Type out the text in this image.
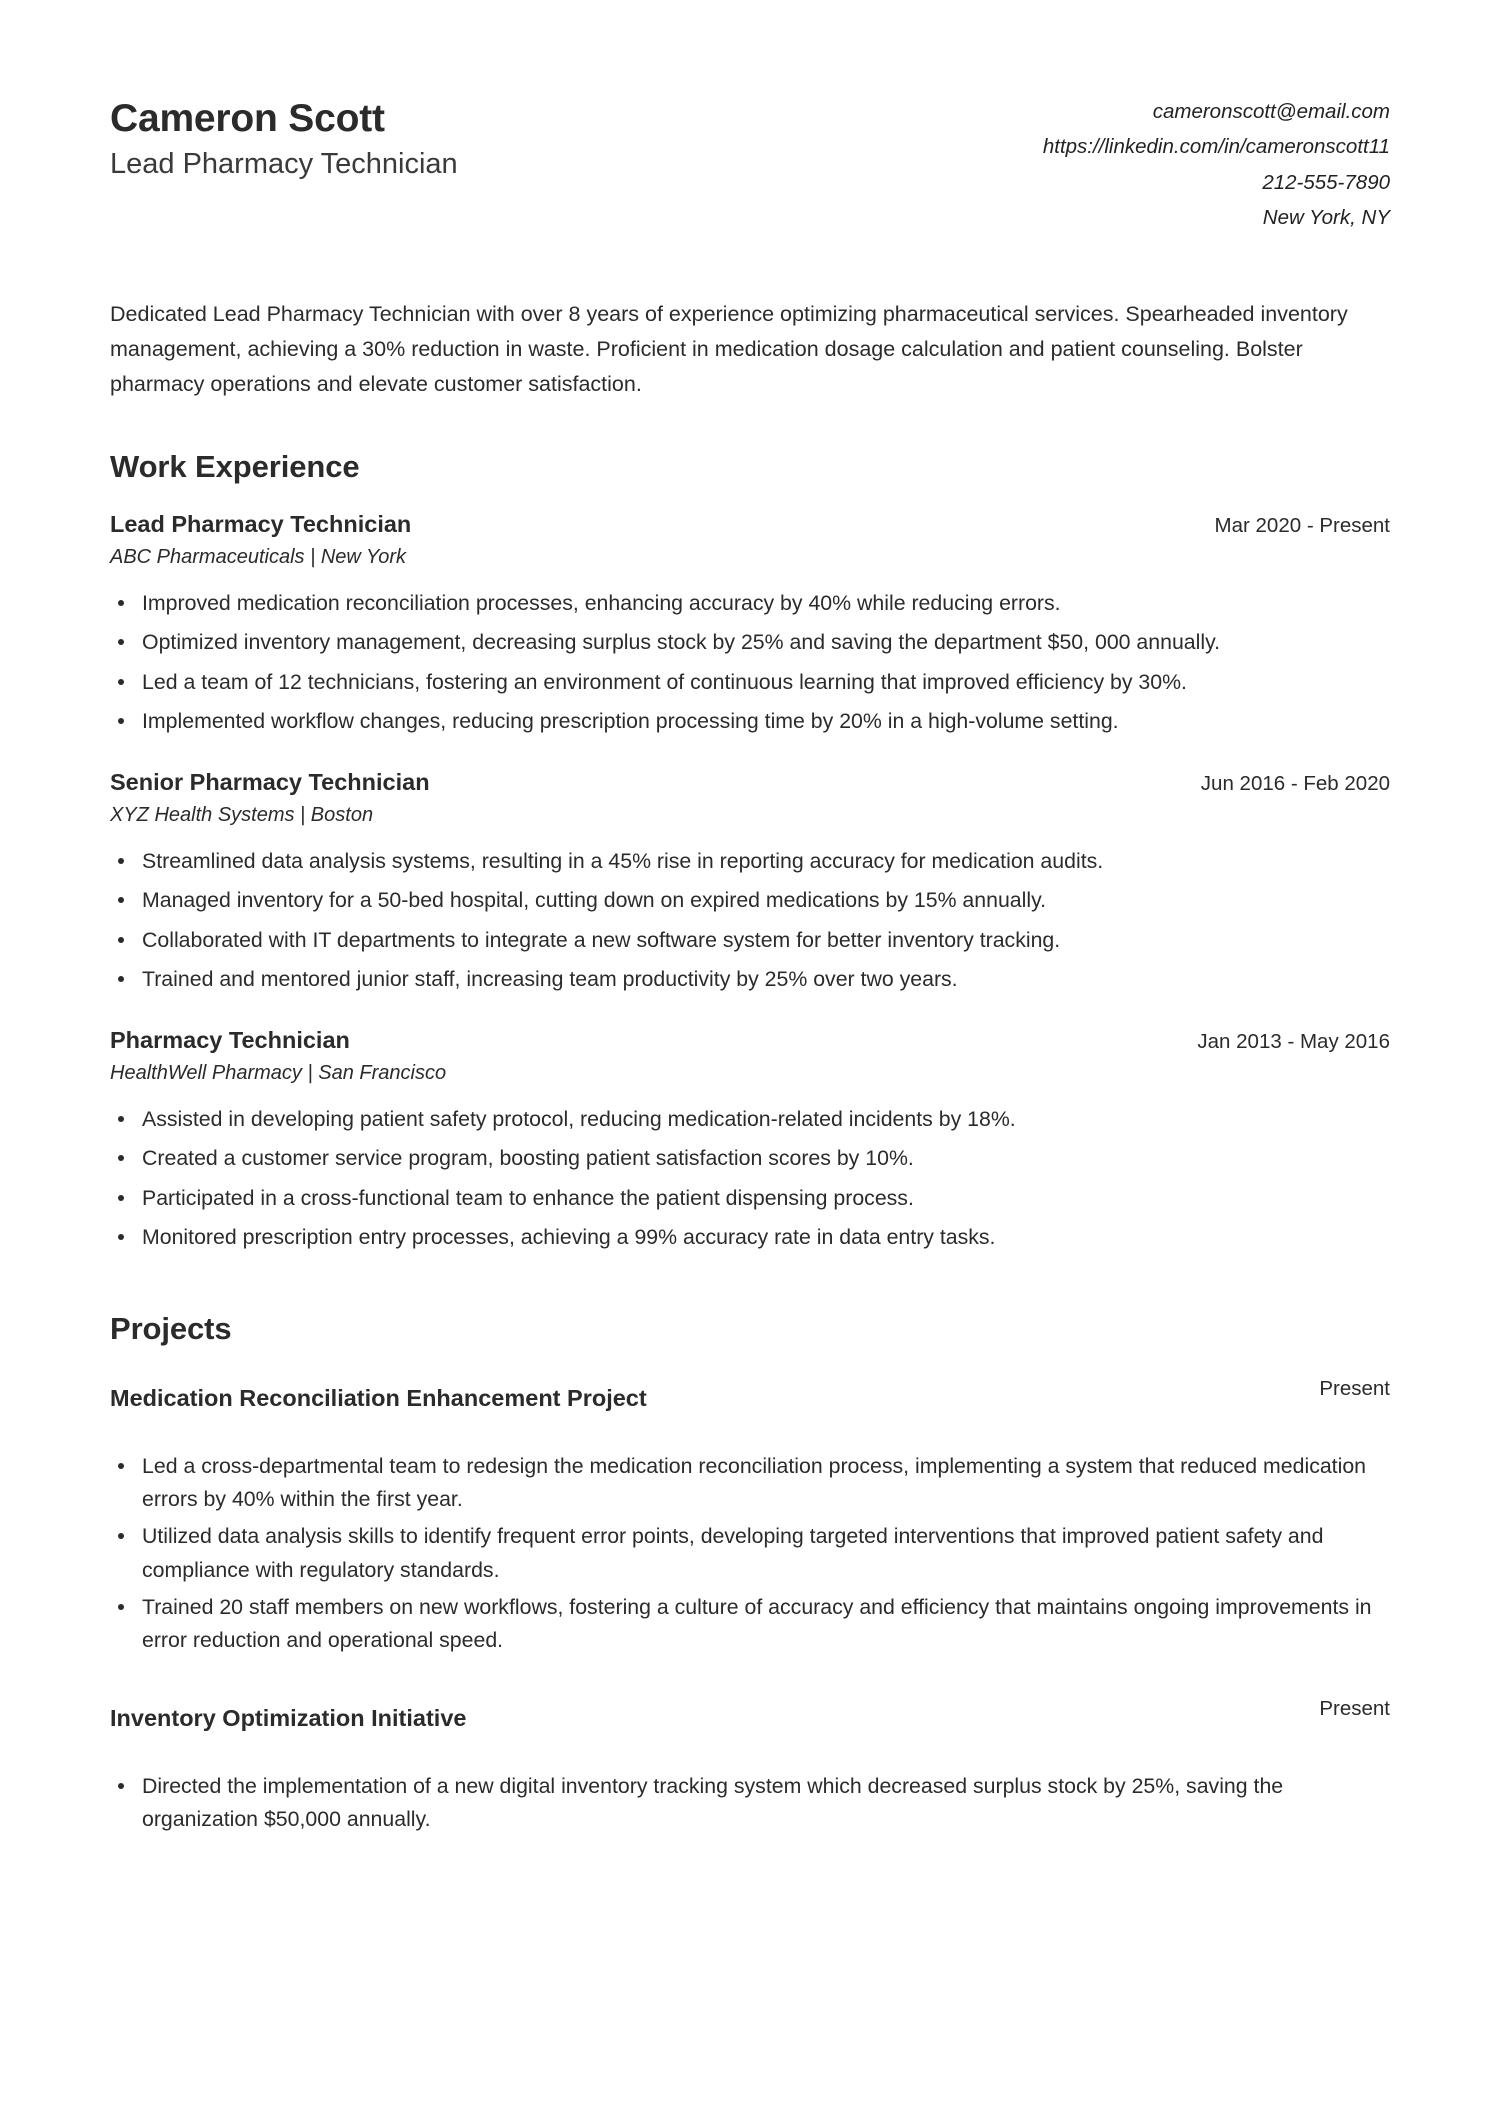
Cameron Scott
Lead Pharmacy Technician
cameronscott@email.com
https://linkedin.com/in/cameronscott11
212-555-7890
New York, NY
Dedicated Lead Pharmacy Technician with over 8 years of experience optimizing pharmaceutical services. Spearheaded inventory management, achieving a 30% reduction in waste. Proficient in medication dosage calculation and patient counseling. Bolster pharmacy operations and elevate customer satisfaction.
Work Experience
Lead Pharmacy Technician	Mar 2020 - Present
ABC Pharmaceuticals | New York
Improved medication reconciliation processes, enhancing accuracy by 40% while reducing errors.
Optimized inventory management, decreasing surplus stock by 25% and saving the department $50, 000 annually.
Led a team of 12 technicians, fostering an environment of continuous learning that improved efficiency by 30%.
Implemented workflow changes, reducing prescription processing time by 20% in a high-volume setting.
Senior Pharmacy Technician	Jun 2016 - Feb 2020
XYZ Health Systems | Boston
Streamlined data analysis systems, resulting in a 45% rise in reporting accuracy for medication audits.
Managed inventory for a 50-bed hospital, cutting down on expired medications by 15% annually.
Collaborated with IT departments to integrate a new software system for better inventory tracking.
Trained and mentored junior staff, increasing team productivity by 25% over two years.
Pharmacy Technician	Jan 2013 - May 2016
HealthWell Pharmacy | San Francisco
Assisted in developing patient safety protocol, reducing medication-related incidents by 18%.
Created a customer service program, boosting patient satisfaction scores by 10%.
Participated in a cross-functional team to enhance the patient dispensing process.
Monitored prescription entry processes, achieving a 99% accuracy rate in data entry tasks.
Projects
Medication Reconciliation Enhancement Project	Present
Led a cross-departmental team to redesign the medication reconciliation process, implementing a system that reduced medication errors by 40% within the first year.
Utilized data analysis skills to identify frequent error points, developing targeted interventions that improved patient safety and compliance with regulatory standards.
Trained 20 staff members on new workflows, fostering a culture of accuracy and efficiency that maintains ongoing improvements in error reduction and operational speed.
Inventory Optimization Initiative	Present
Directed the implementation of a new digital inventory tracking system which decreased surplus stock by 25%, saving the organization $50,000 annually.
